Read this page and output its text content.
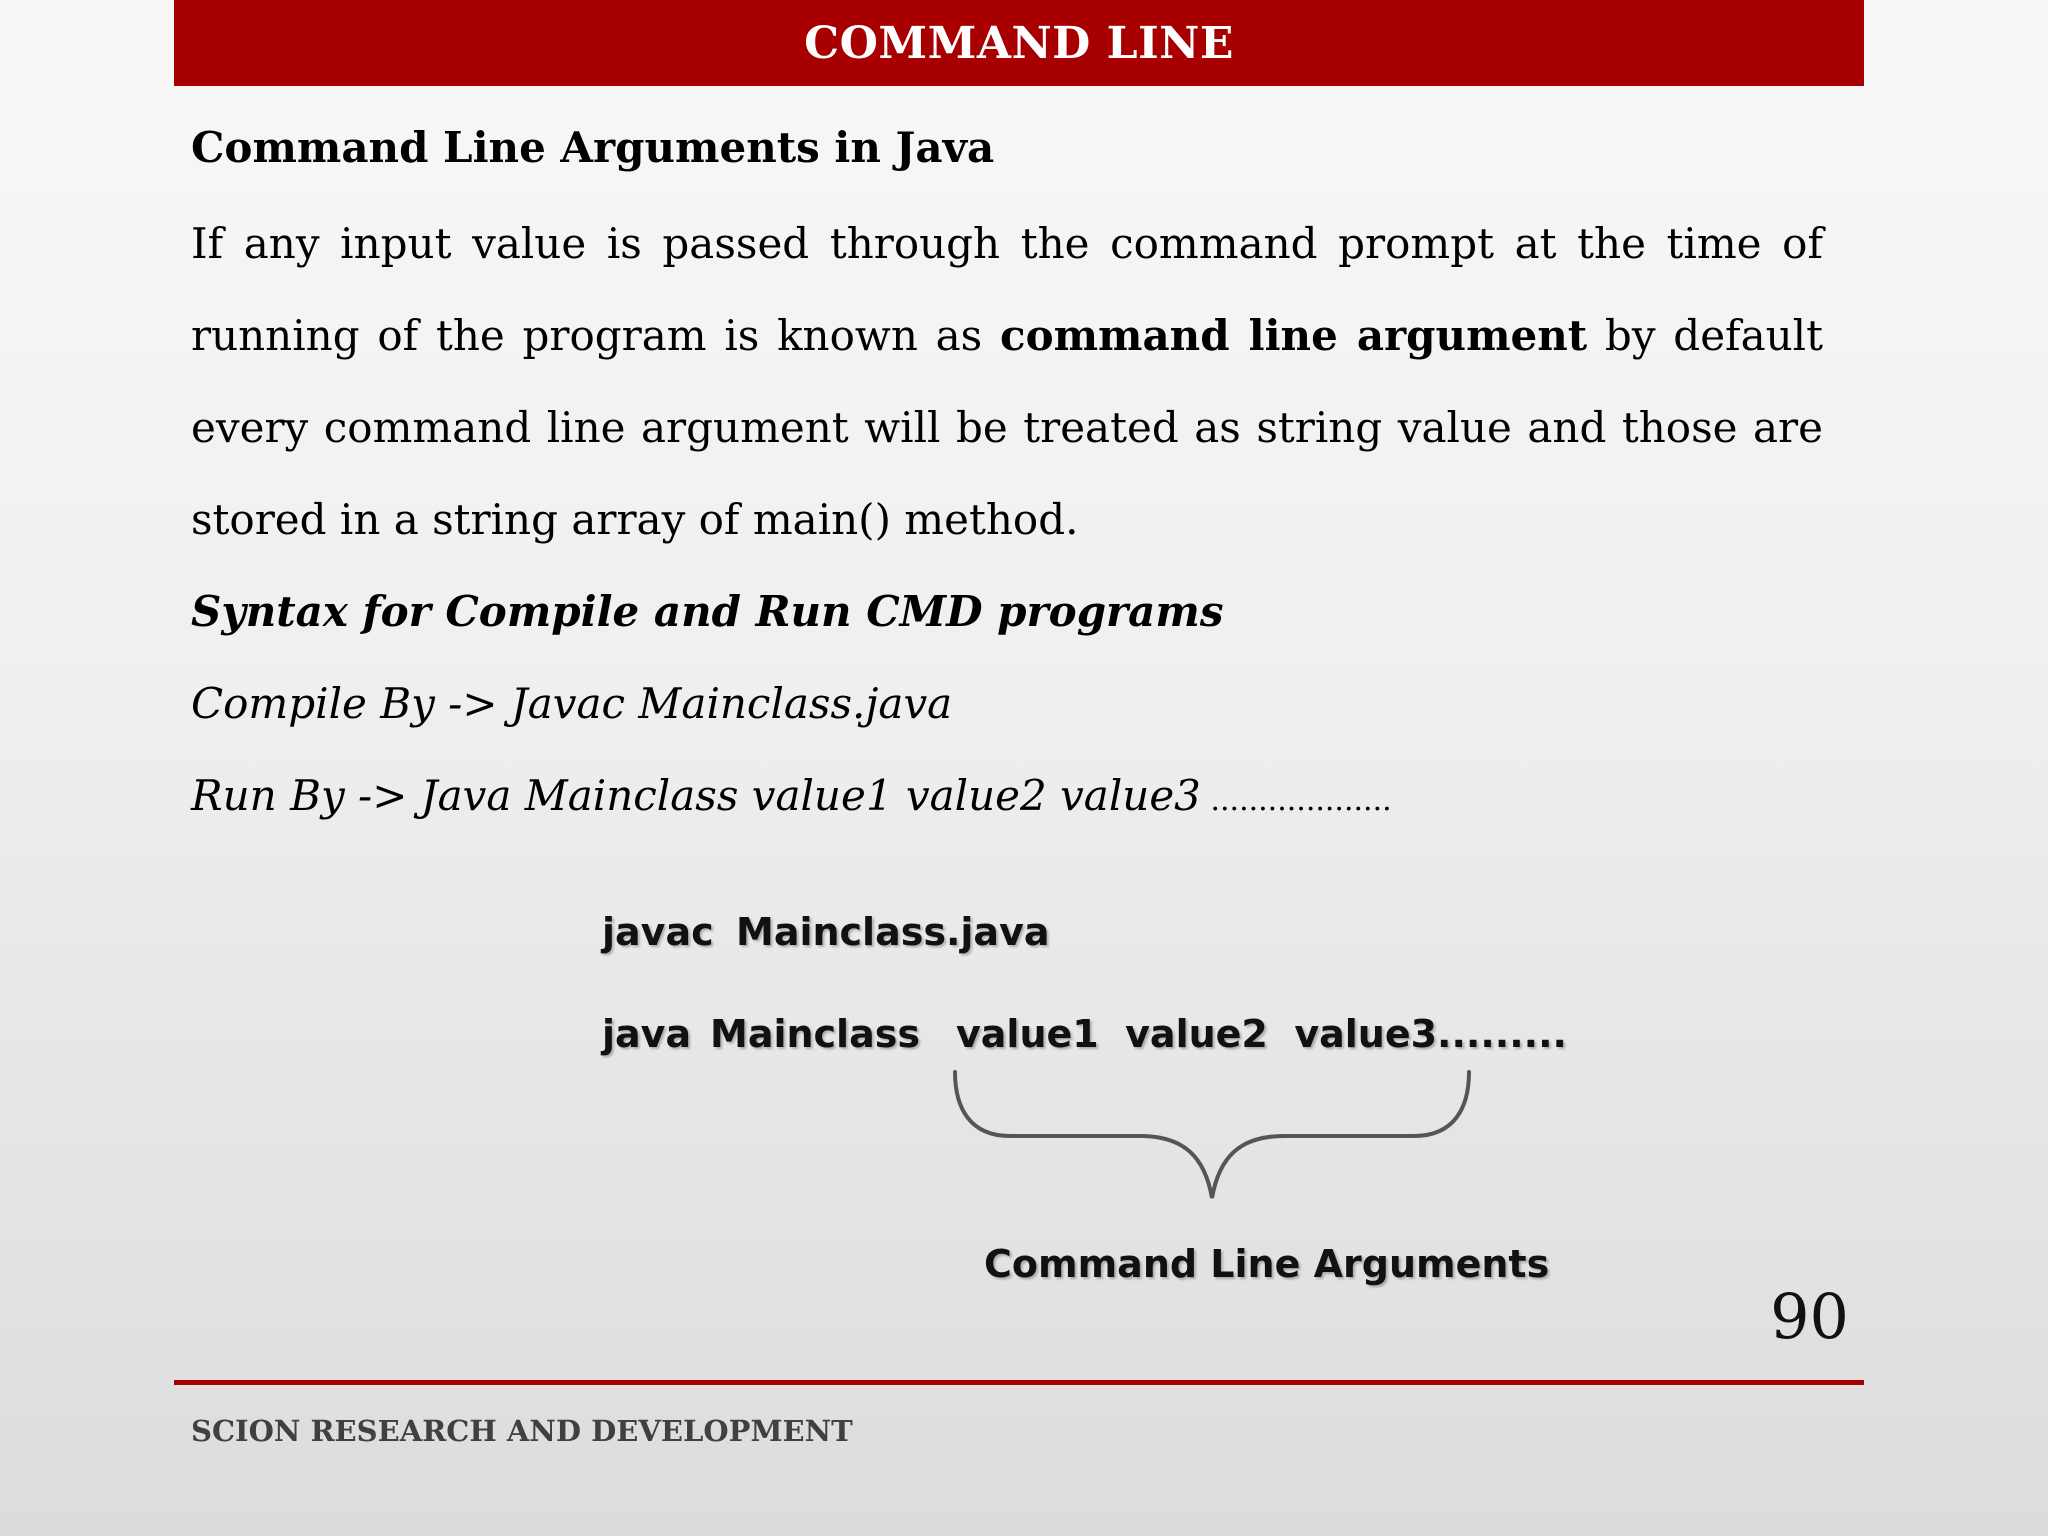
COMMAND LINE
Command Line Arguments in Java

If any input value is passed through the command prompt at the time of running of the program is known as command line argument by default every command line argument will be treated as string value and those are stored in a string array of main() method.

Syntax for Compile and Run CMD programs
Compile By -> Javac Mainclass.java
Run By -> Java Mainclass value1 value2 value3 ...................
javac Mainclass.java
java Mainclass value1  value2  value3.........
Command Line Arguments
90
SCION RESEARCH AND DEVELOPMENT
